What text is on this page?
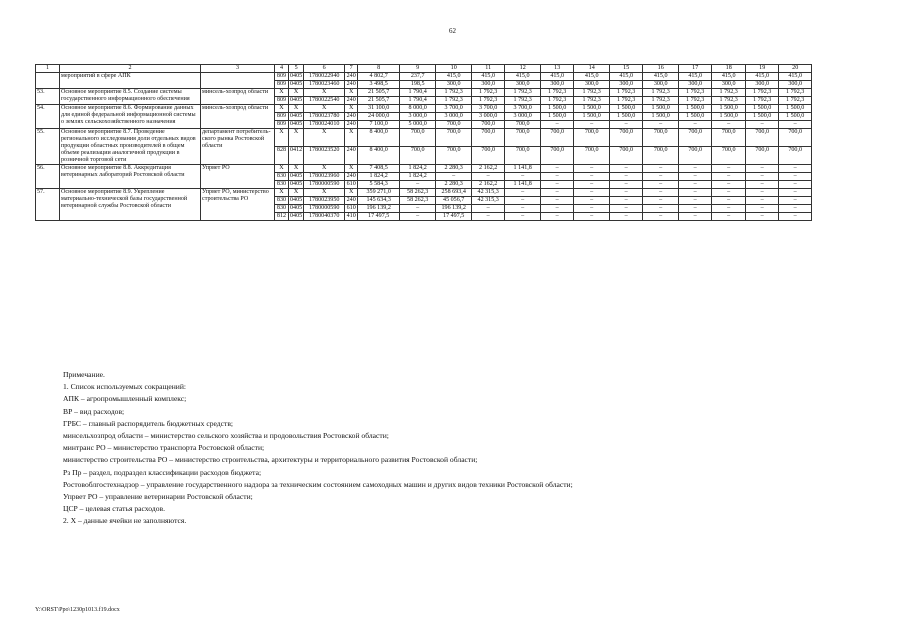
62
1	2	3	4	5	6	7	8	9	10	11	12	13	14	15	16	17	18	19	20
	мероприятий в сфере АПК		809	0405	1780022940	240	4 802,7	237,7	415,0	415,0	415,0	415,0	415,0	415,0	415,0	415,0	415,0	415,0	415,0
			809	0405	1780023460	240	3 498,5	198,5	300,0	300,0	300,0	300,0	300,0	300,0	300,0	300,0	300,0	300,0	300,0
53.	Основное мероприятие 8.5. Создание системы государственного информационного обеспечения	минсель-хозпрод области	Х	Х	Х	Х	21 505,7	1 790,4	1 792,3	1 792,3	1 792,3	1 792,3	1 792,3	1 792,3	1 792,3	1 792,3	1 792,3	1 792,3	1 792,3
			809	0405	1780022540	240	21 505,7	1 790,4	1 792,3	1 792,3	1 792,3	1 792,3	1 792,3	1 792,3	1 792,3	1 792,3	1 792,3	1 792,3	1 792,3
54.	Основное мероприятие 8.6. Формирование данных для единой федеральной информационной системы о землях сельскохозяйственного назначения	минсель-хозпрод области	Х	Х	Х	Х	31 100,0	8 000,0	3 700,0	3 700,0	3 700,0	1 500,0	1 500,0	1 500,0	1 500,0	1 500,0	1 500,0	1 500,0	1 500,0
			809	0405	1780023780	240	24 000,0	3 000,0	3 000,0	3 000,0	3 000,0	1 500,0	1 500,0	1 500,0	1 500,0	1 500,0	1 500,0	1 500,0	1 500,0
			809	0405	1780024010	240	7 100,0	5 000,0	700,0	700,0	700,0	–	–	–	–	–	–	–	–
55.	Основное мероприятие 8.7. Проведение регионального исследования доли отдельных видов продукции областных производителей в общем объеме реализации аналогичной продукции в розничной торговой сети	департамент потребитель-ского рынка Ростовской области	Х	Х	Х	Х	8 400,0	700,0	700,0	700,0	700,0	700,0	700,0	700,0	700,0	700,0	700,0	700,0	700,0
			828	0412	1780023520	240	8 400,0	700,0	700,0	700,0	700,0	700,0	700,0	700,0	700,0	700,0	700,0	700,0	700,0
56.	Основное мероприятие 8.8. Аккредитация ветеринарных лабораторий Ростовской области	Упрвет РО	Х	Х	Х	Х	7 408,5	1 824,2	2 280,3	2 162,2	1 141,8	–	–	–	–	–	–	–	–
			830	0405	1780023960	240	1 824,2	1 824,2	–	–	–	–	–	–	–	–	–	–	–
			830	0405	1780000590	610	5 584,3	–	2 280,3	2 162,2	1 141,8	–	–	–	–	–	–	–	–
57.	Основное мероприятие 8.9. Укрепление материально-технической базы государственной ветеринарной службы Ростовской области	Упрвет РО, министерство строительства РО	Х	Х	Х	Х	359 271,0	58 262,3	258 693,4	42 315,3	–	–	–	–	–	–	–	–	–
			830	0405	1780023950	240	145 634,3	58 262,3	45 056,7	42 315,3	–	–	–	–	–	–	–	–	–
			830	0405	1780000590	610	196 139,2	–	196 139,2	–	–	–	–	–	–	–	–	–	–
			812	0405	1780040370	410	17 497,5	–	17 497,5	–	–	–	–	–	–	–	–	–	–
Примечание.
1. Список используемых сокращений:
АПК – агропромышленный комплекс;
ВР – вид расходов;
ГРБС – главный распорядитель бюджетных средств;
минсельхозпрод области – министерство сельского хозяйства и продовольствия Ростовской области;
минтранс РО – министерство транспорта Ростовской области;
министерство строительства РО – министерство строительства, архитектуры и территориального развития Ростовской области;
Рз Пр – раздел, подраздел классификации расходов бюджета;
Ростовоблгостехнадзор – управление государственного надзора за техническим состоянием самоходных машин и других видов техники Ростовской области;
Упрвет РО – управление ветеринарии Ростовской области;
ЦСР – целевая статья расходов.
2. Х – данные ячейки не заполняются.
Y:\ORST\Ppo\1230p1013.f19.docx
